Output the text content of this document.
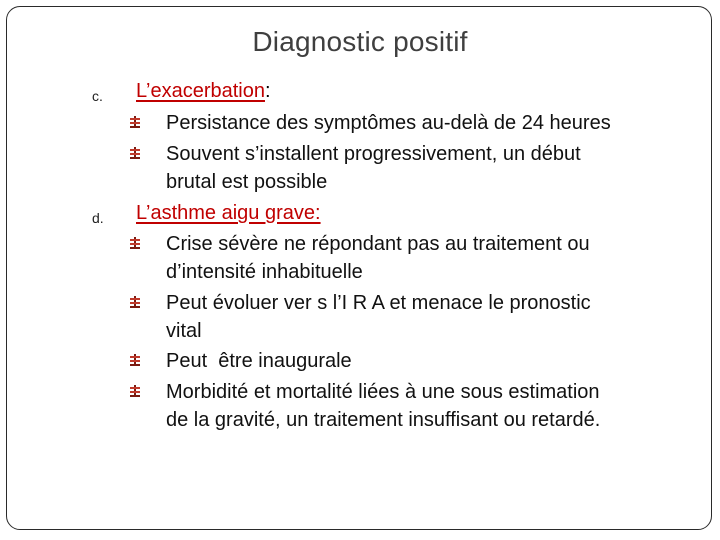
Diagnostic positif
c. L’exacerbation:
Persistance des symptômes au-delà de 24 heures
Souvent s’installent progressivement, un début
brutal est possible
d. L’asthme aigu grave:
Crise sévère ne répondant pas au traitement ou
d’intensité inhabituelle
Peut évoluer ver s l’I R A et menace le pronostic
vital
Peut  être inaugurale
Morbidité et mortalité liées à une sous estimation
de la gravité, un traitement insuffisant ou retardé.
